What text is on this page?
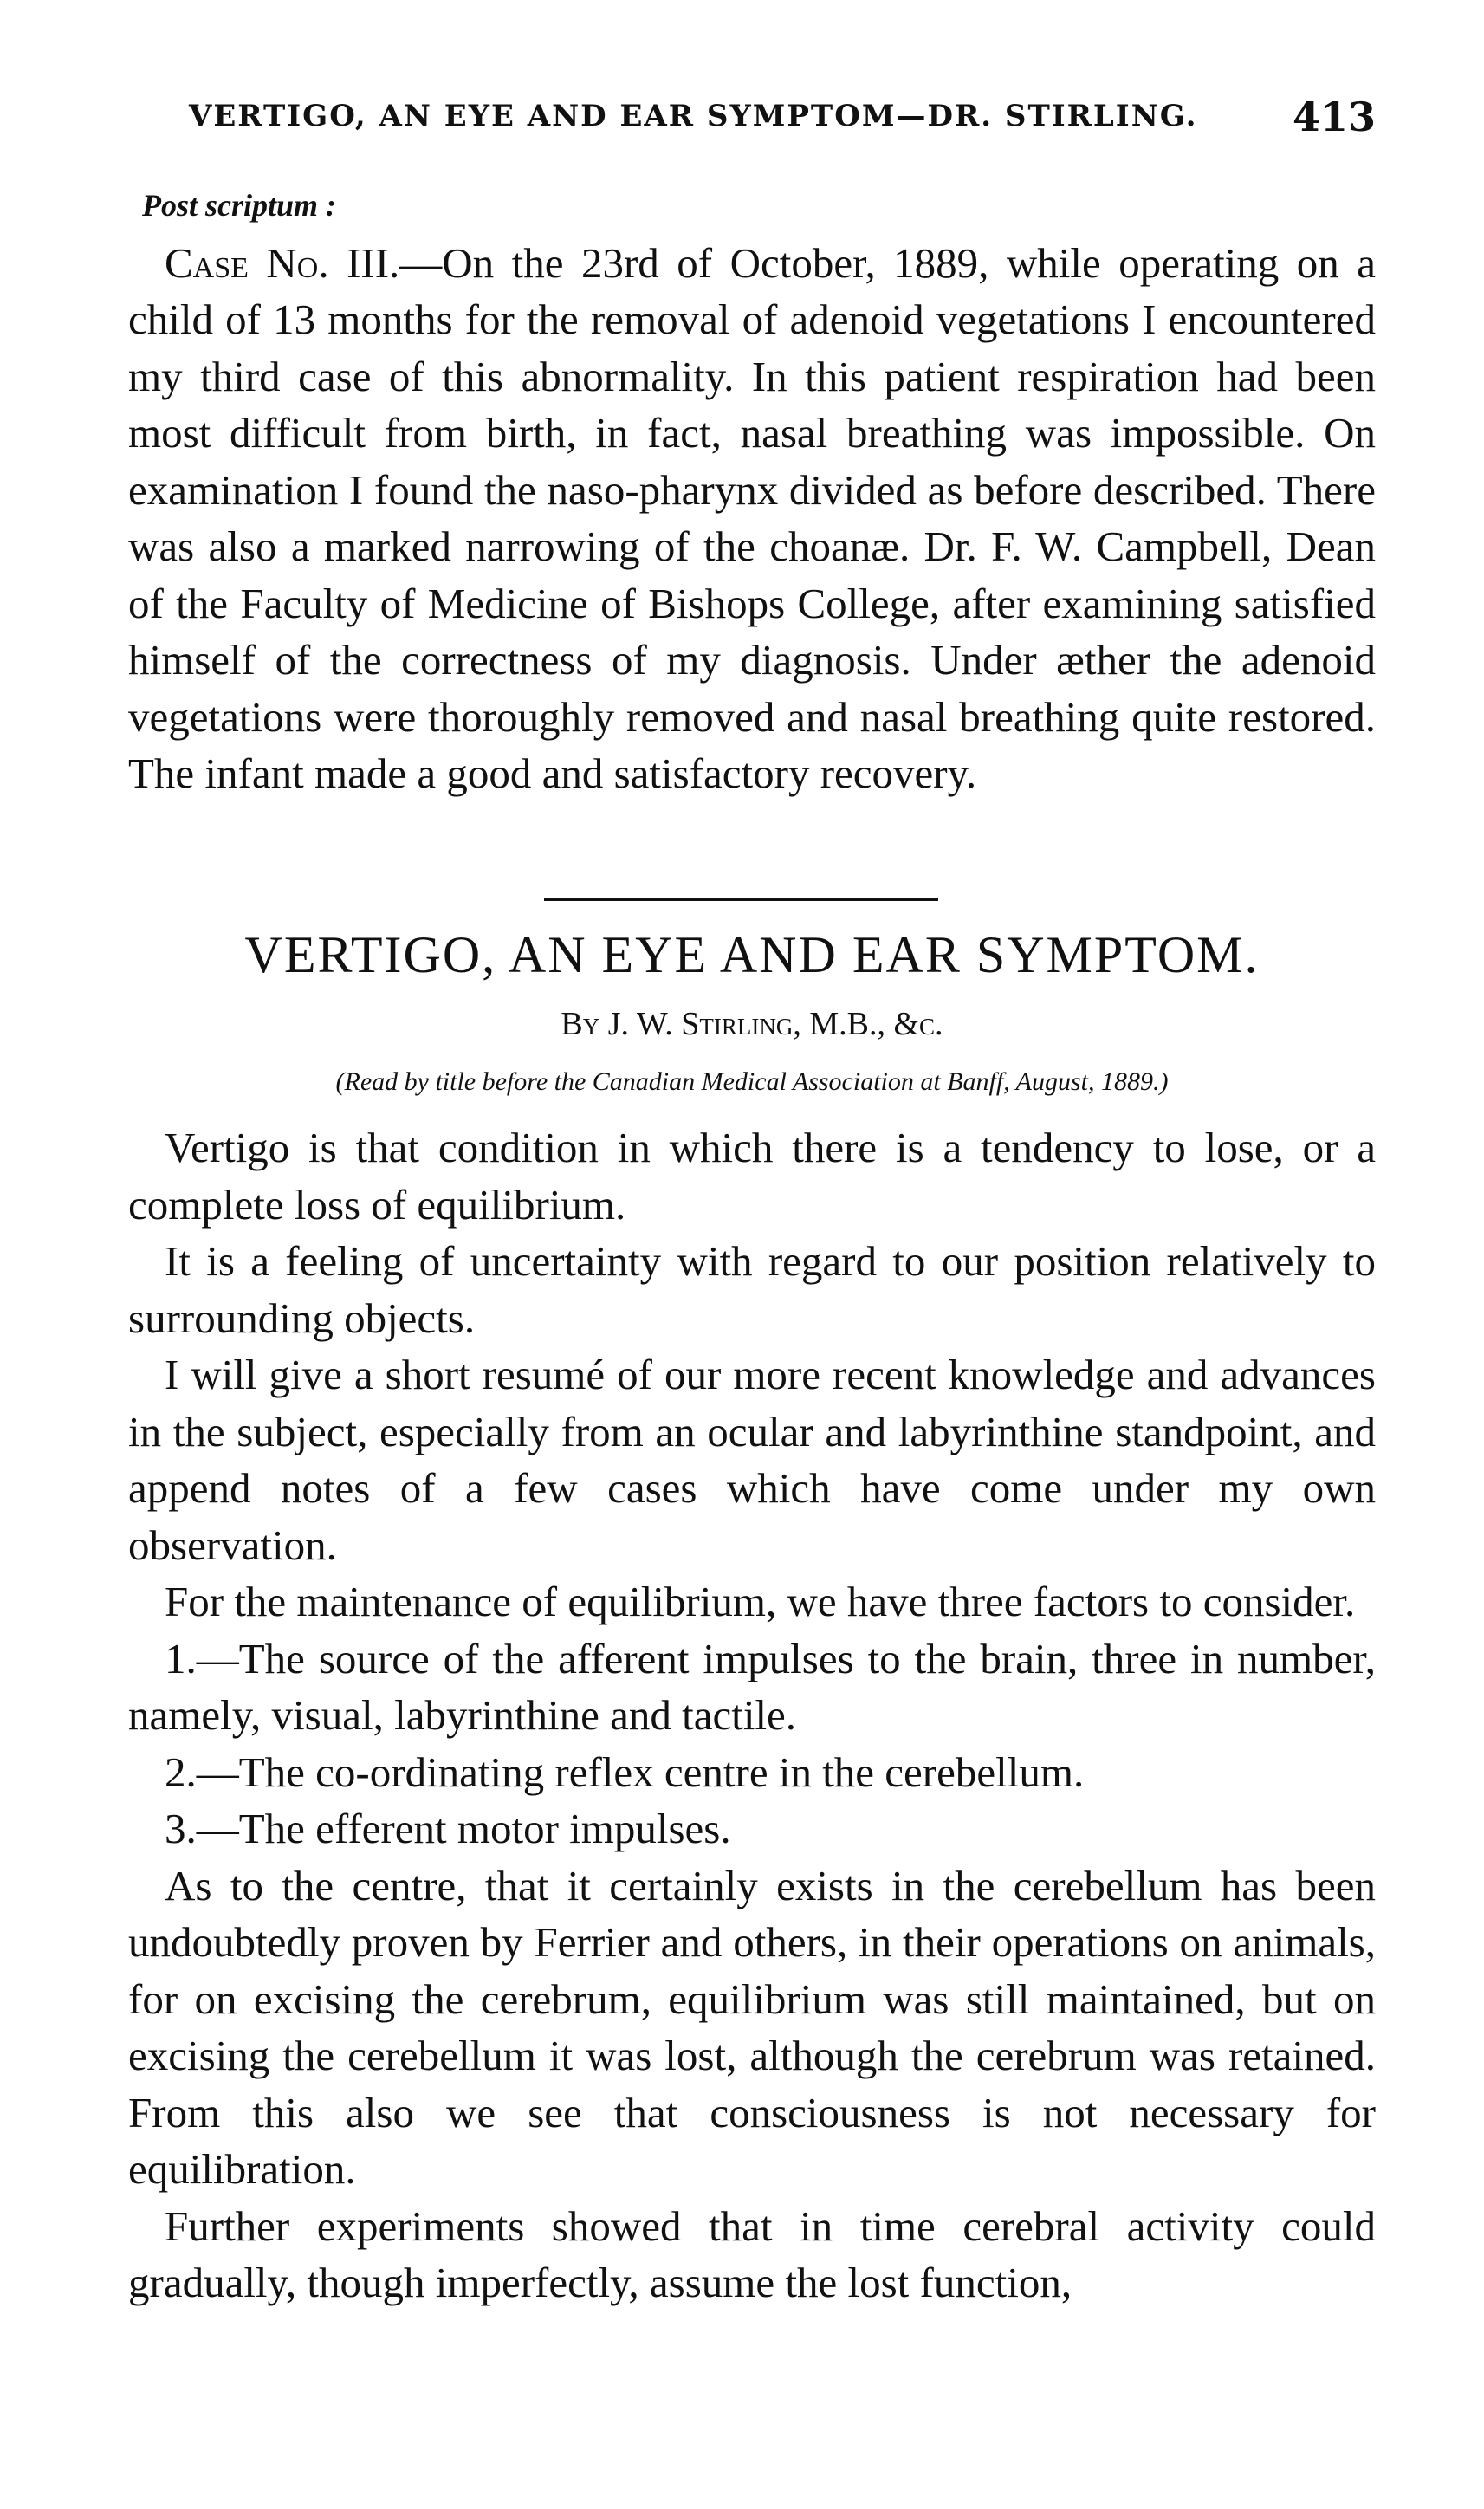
VERTIGO, AN EYE AND EAR SYMPTOM—DR. STIRLING. 413
Post scriptum :

Case No. III.—On the 23rd of October, 1889, while operating on a child of 13 months for the removal of adenoid vegetations I encountered my third case of this abnormality. In this patient respiration had been most difficult from birth, in fact, nasal breathing was impossible. On examination I found the naso-pharynx divided as before described. There was also a marked narrowing of the choanæ. Dr. F. W. Campbell, Dean of the Faculty of Medicine of Bishops College, after examining satisfied himself of the correctness of my diagnosis. Under æther the adenoid vegetations were thoroughly removed and nasal breathing quite restored. The infant made a good and satisfactory recovery.

VERTIGO, AN EYE AND EAR SYMPTOM.
By J. W. Stirling, M.B., &c.
(Read by title before the Canadian Medical Association at Banff, August, 1889.)

Vertigo is that condition in which there is a tendency to lose, or a complete loss of equilibrium.

It is a feeling of uncertainty with regard to our position relatively to surrounding objects.

I will give a short resumé of our more recent knowledge and advances in the subject, especially from an ocular and labyrinthine standpoint, and append notes of a few cases which have come under my own observation.

For the maintenance of equilibrium, we have three factors to consider.

1.—The source of the afferent impulses to the brain, three in number, namely, visual, labyrinthine and tactile.

2.—The co-ordinating reflex centre in the cerebellum.

3.—The efferent motor impulses.

As to the centre, that it certainly exists in the cerebellum has been undoubtedly proven by Ferrier and others, in their operations on animals, for on excising the cerebrum, equilibrium was still maintained, but on excising the cerebellum it was lost, although the cerebrum was retained. From this also we see that consciousness is not necessary for equilibration.

Further experiments showed that in time cerebral activity could gradually, though imperfectly, assume the lost function,
